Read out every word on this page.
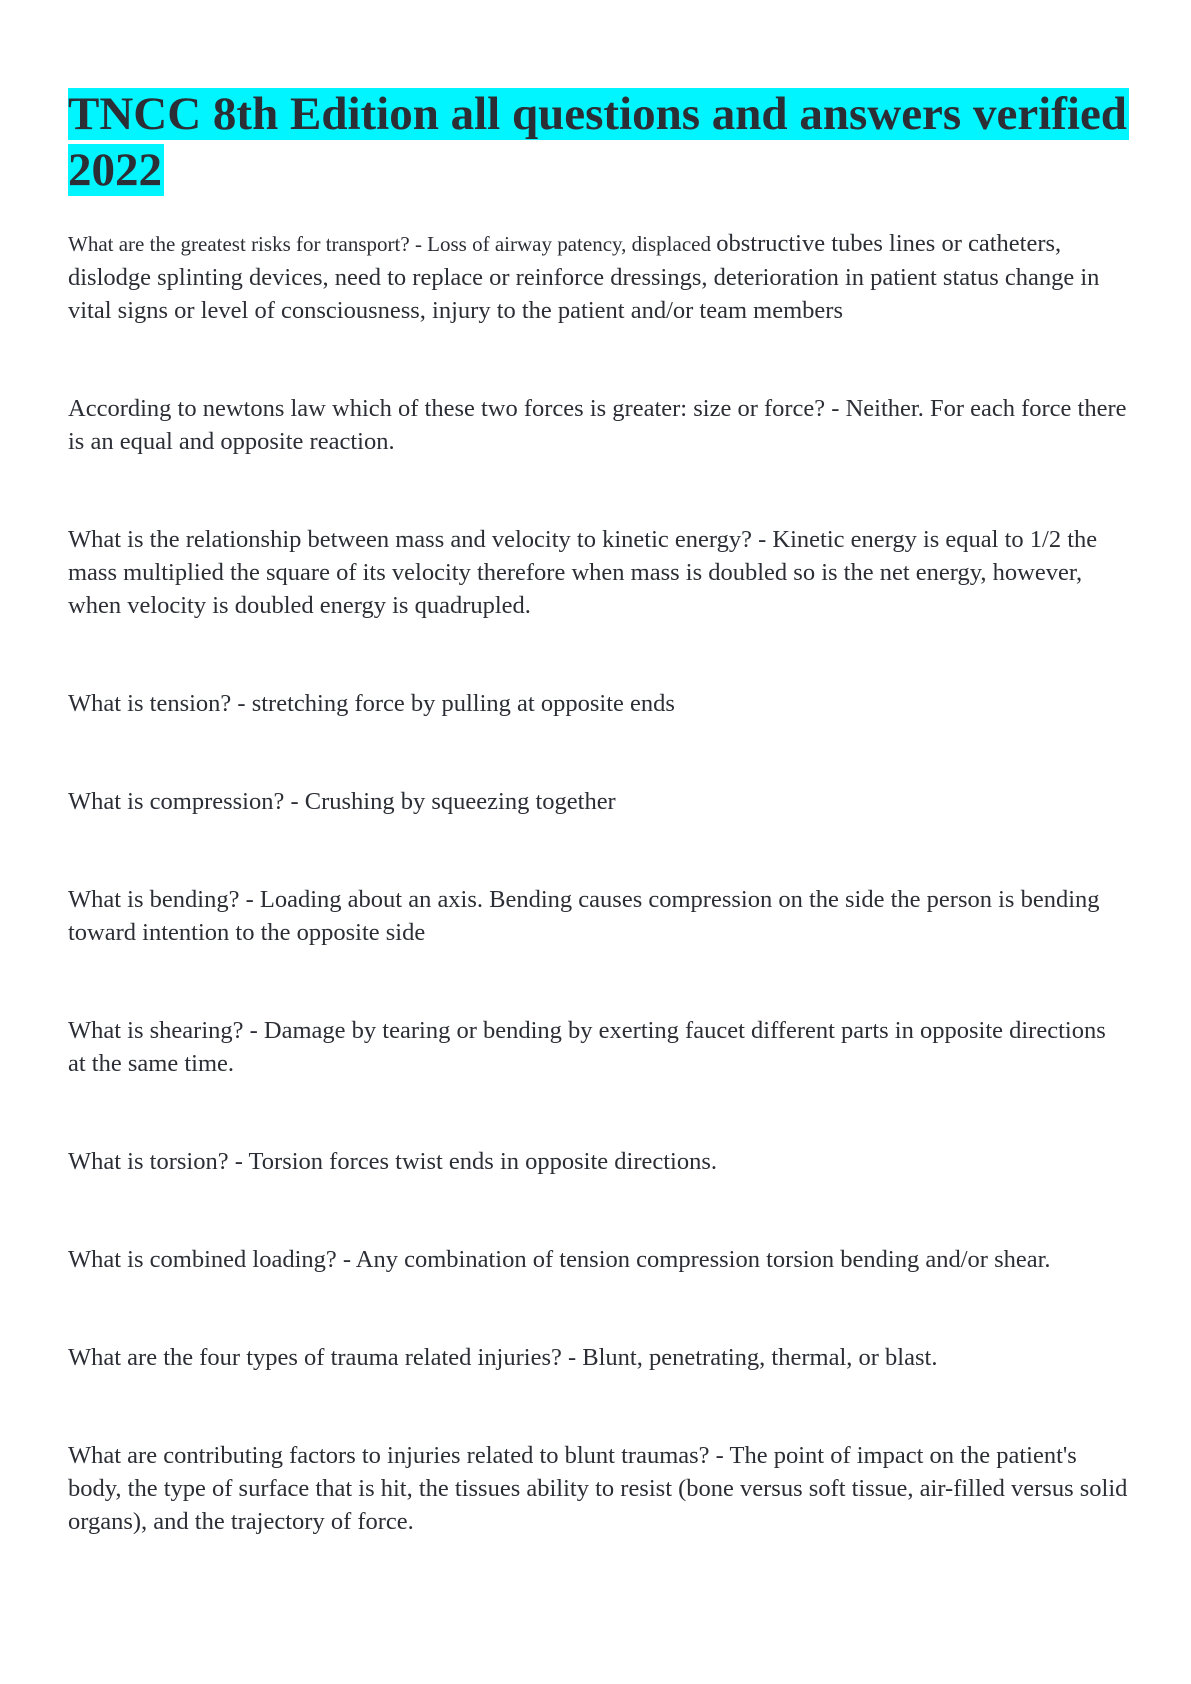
TNCC 8th Edition all questions and answers verified 2022

What are the greatest risks for transport? - Loss of airway patency, displaced obstructive tubes lines or catheters, dislodge splinting devices, need to replace or reinforce dressings, deterioration in patient status change in vital signs or level of consciousness, injury to the patient and/or team members

According to newtons law which of these two forces is greater: size or force? - Neither. For each force there is an equal and opposite reaction.

What is the relationship between mass and velocity to kinetic energy? - Kinetic energy is equal to 1/2 the mass multiplied the square of its velocity therefore when mass is doubled so is the net energy, however, when velocity is doubled energy is quadrupled.

What is tension? - stretching force by pulling at opposite ends

What is compression? - Crushing by squeezing together

What is bending? - Loading about an axis. Bending causes compression on the side the person is bending toward intention to the opposite side

What is shearing? - Damage by tearing or bending by exerting faucet different parts in opposite directions at the same time.

What is torsion? - Torsion forces twist ends in opposite directions.

What is combined loading? - Any combination of tension compression torsion bending and/or shear.

What are the four types of trauma related injuries? - Blunt, penetrating, thermal, or blast.

What are contributing factors to injuries related to blunt traumas? - The point of impact on the patient's body, the type of surface that is hit, the tissues ability to resist (bone versus soft tissue, air-filled versus solid organs), and the trajectory of force.
